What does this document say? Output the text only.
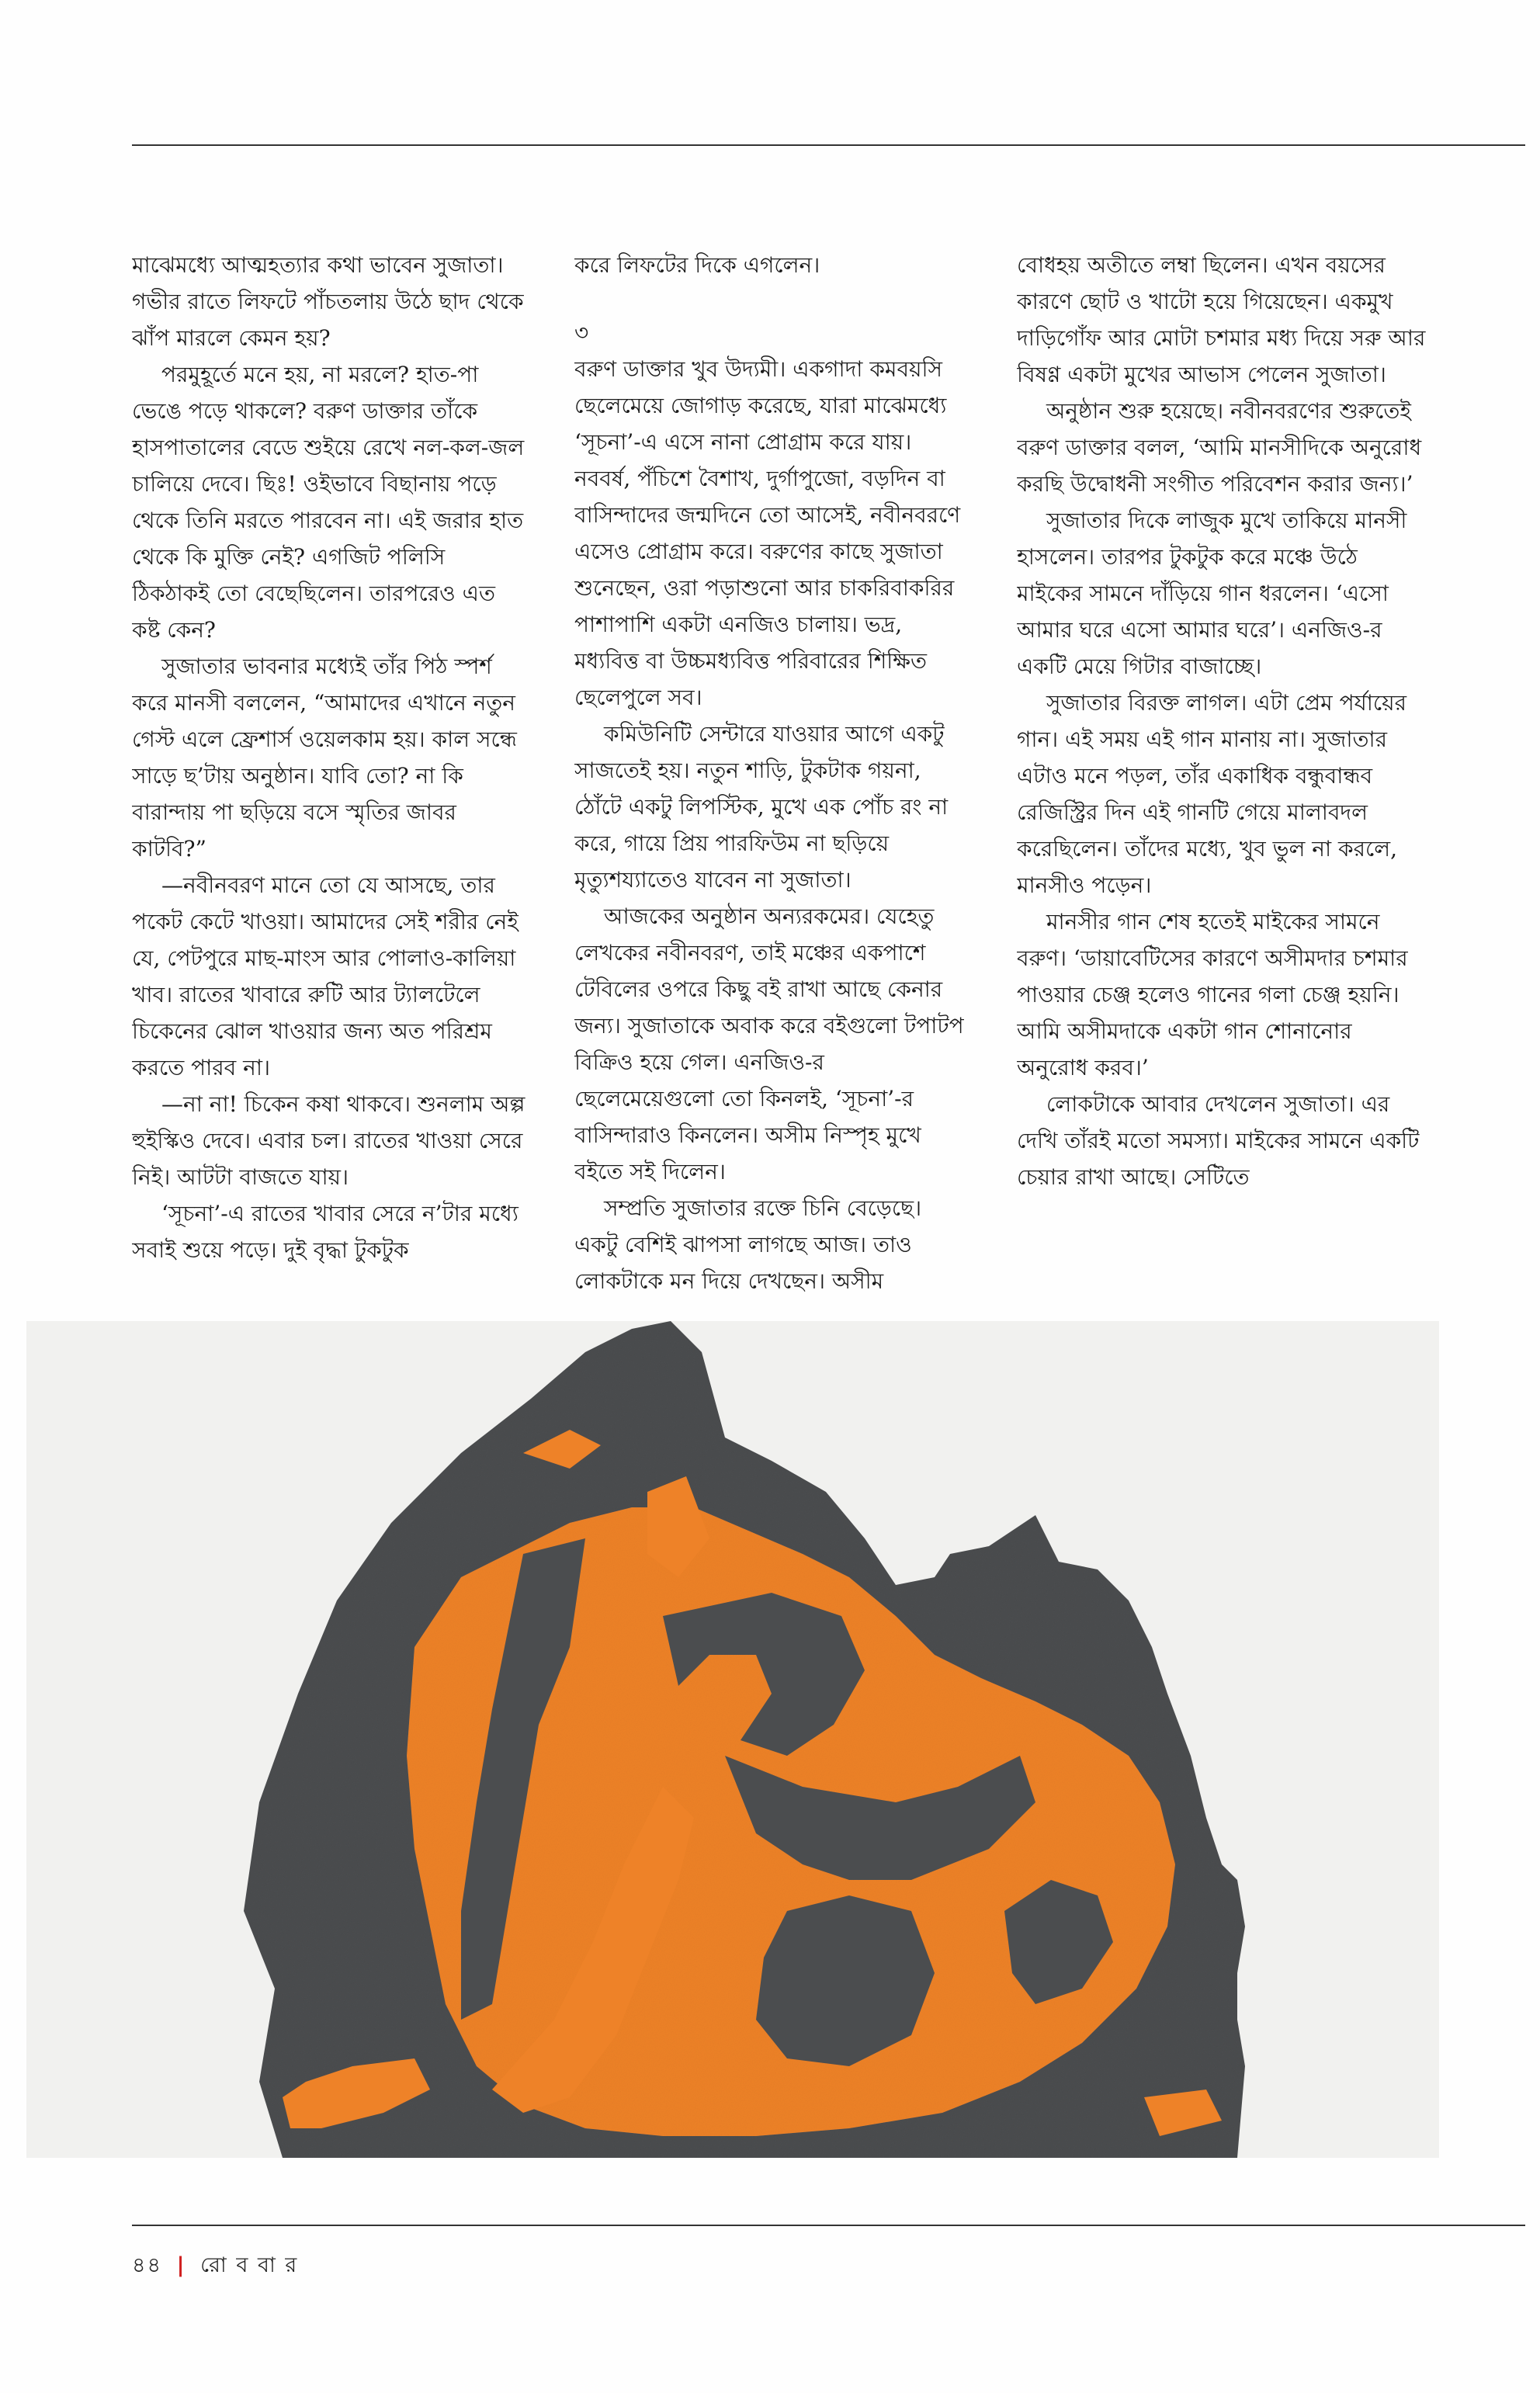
মাঝেমধ্যে আত্মহত্যার কথা ভাবেন সুজাতা। গভীর রাতে লিফটে পাঁচতলায় উঠে ছাদ থেকে ঝাঁপ মারলে কেমন হয়?

পরমুহূর্তে মনে হয়, না মরলে? হাত-পা ভেঙে পড়ে থাকলে? বরুণ ডাক্তার তাঁকে হাসপাতালের বেডে শুইয়ে রেখে নল-কল-জল চালিয়ে দেবে। ছিঃ! ওইভাবে বিছানায় পড়ে থেকে তিনি মরতে পারবেন না। এই জরার হাত থেকে কি মুক্তি নেই? এগজিট পলিসি ঠিকঠাকই তো বেছেছিলেন। তারপরেও এত কষ্ট কেন?

সুজাতার ভাবনার মধ্যেই তাঁর পিঠ স্পর্শ করে মানসী বললেন, “আমাদের এখানে নতুন গেস্ট এলে ফ্রেশার্স ওয়েলকাম হয়। কাল সন্ধে সাড়ে ছ’টায় অনুষ্ঠান। যাবি তো? না কি বারান্দায় পা ছড়িয়ে বসে স্মৃতির জাবর কাটবি?”

—নবীনবরণ মানে তো যে আসছে, তার পকেট কেটে খাওয়া। আমাদের সেই শরীর নেই যে, পেটপুরে মাছ-মাংস আর পোলাও-কালিয়া খাব। রাতের খাবারে রুটি আর ট্যালটেলে চিকেনের ঝোল খাওয়ার জন্য অত পরিশ্রম করতে পারব না।

—না না! চিকেন কষা থাকবে। শুনলাম অল্প হুইস্কিও দেবে। এবার চল। রাতের খাওয়া সেরে নিই। আটটা বাজতে যায়।

‘সূচনা’-এ রাতের খাবার সেরে ন’টার মধ্যে সবাই শুয়ে পড়ে। দুই বৃদ্ধা টুকটুক

করে লিফটের দিকে এগলেন।

৩

বরুণ ডাক্তার খুব উদ্যমী। একগাদা কমবয়সি ছেলেমেয়ে জোগাড় করেছে, যারা মাঝেমধ্যে ‘সূচনা’-এ এসে নানা প্রোগ্রাম করে যায়। নববর্ষ, পঁচিশে বৈশাখ, দুর্গাপুজো, বড়দিন বা বাসিন্দাদের জন্মদিনে তো আসেই, নবীনবরণে এসেও প্রোগ্রাম করে। বরুণের কাছে সুজাতা শুনেছেন, ওরা পড়াশুনো আর চাকরিবাকরির পাশাপাশি একটা এনজিও চালায়। ভদ্র, মধ্যবিত্ত বা উচ্চমধ্যবিত্ত পরিবারের শিক্ষিত ছেলেপুলে সব।

কমিউনিটি সেন্টারে যাওয়ার আগে একটু সাজতেই হয়। নতুন শাড়ি, টুকটাক গয়না, ঠোঁটে একটু লিপস্টিক, মুখে এক পোঁচ রং না করে, গায়ে প্রিয় পারফিউম না ছড়িয়ে মৃত্যুশয্যাতেও যাবেন না সুজাতা।

আজকের অনুষ্ঠান অন্যরকমের। যেহেতু লেখকের নবীনবরণ, তাই মঞ্চের একপাশে টেবিলের ওপরে কিছু বই রাখা আছে কেনার জন্য। সুজাতাকে অবাক করে বইগুলো টপাটপ বিক্রিও হয়ে গেল। এনজিও-র ছেলেমেয়েগুলো তো কিনলই, ‘সূচনা’-র বাসিন্দারাও কিনলেন। অসীম নিস্পৃহ মুখে বইতে সই দিলেন।

সম্প্রতি সুজাতার রক্তে চিনি বেড়েছে। একটু বেশিই ঝাপসা লাগছে আজ। তাও লোকটাকে মন দিয়ে দেখছেন। অসীম

বোধহয় অতীতে লম্বা ছিলেন। এখন বয়সের কারণে ছোট ও খাটো হয়ে গিয়েছেন। একমুখ দাড়িগোঁফ আর মোটা চশমার মধ্য দিয়ে সরু আর বিষণ্ণ একটা মুখের আভাস পেলেন সুজাতা।

অনুষ্ঠান শুরু হয়েছে। নবীনবরণের শুরুতেই বরুণ ডাক্তার বলল, ‘আমি মানসীদিকে অনুরোধ করছি উদ্বোধনী সংগীত পরিবেশন করার জন্য।’

সুজাতার দিকে লাজুক মুখে তাকিয়ে মানসী হাসলেন। তারপর টুকটুক করে মঞ্চে উঠে মাইকের সামনে দাঁড়িয়ে গান ধরলেন। ‘এসো আমার ঘরে এসো আমার ঘরে’। এনজিও-র একটি মেয়ে গিটার বাজাচ্ছে।

সুজাতার বিরক্ত লাগল। এটা প্রেম পর্যায়ের গান। এই সময় এই গান মানায় না। সুজাতার এটাও মনে পড়ল, তাঁর একাধিক বন্ধুবান্ধব রেজিস্ট্রির দিন এই গানটি গেয়ে মালাবদল করেছিলেন। তাঁদের মধ্যে, খুব ভুল না করলে, মানসীও পড়েন।

মানসীর গান শেষ হতেই মাইকের সামনে বরুণ। ‘ডায়াবেটিসের কারণে অসীমদার চশমার পাওয়ার চেঞ্জ হলেও গানের গলা চেঞ্জ হয়নি। আমি অসীমদাকে একটা গান শোনানোর অনুরোধ করব।’

লোকটাকে আবার দেখলেন সুজাতা। এর দেখি তাঁরই মতো সমস্যা। মাইকের সামনে একটি চেয়ার রাখা আছে। সেটিতে

৪৪ | রো ব বা র
